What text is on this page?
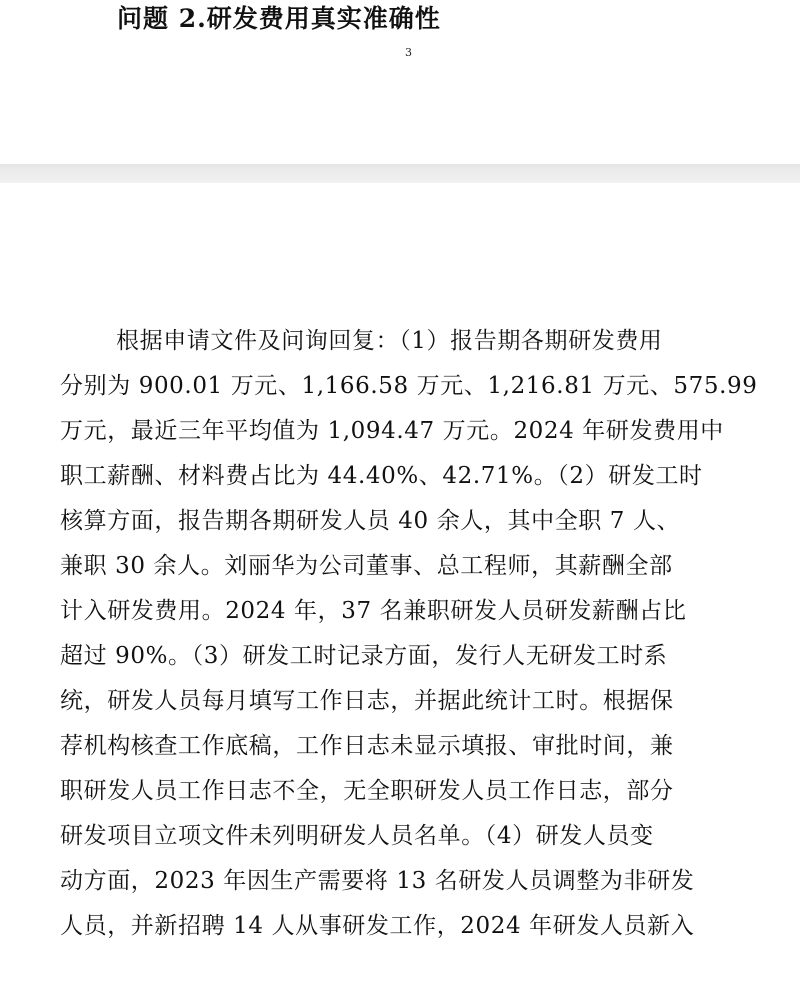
问题 2.研发费用真实准确性
3
根据申请文件及问询回复：（1）报告期各期研发费用
分别为 900.01 万元、1,166.58 万元、1,216.81 万元、575.99
万元，最近三年平均值为 1,094.47 万元。2024 年研发费用中
职工薪酬、材料费占比为 44.40%、42.71%。（2）研发工时
核算方面，报告期各期研发人员 40 余人，其中全职 7 人、
兼职 30 余人。刘丽华为公司董事、总工程师，其薪酬全部
计入研发费用。2024 年，37 名兼职研发人员研发薪酬占比
超过 90%。（3）研发工时记录方面，发行人无研发工时系
统，研发人员每月填写工作日志，并据此统计工时。根据保
荐机构核查工作底稿，工作日志未显示填报、审批时间，兼
职研发人员工作日志不全，无全职研发人员工作日志，部分
研发项目立项文件未列明研发人员名单。（4）研发人员变
动方面，2023 年因生产需要将 13 名研发人员调整为非研发
人员，并新招聘 14 人从事研发工作，2024 年研发人员新入
